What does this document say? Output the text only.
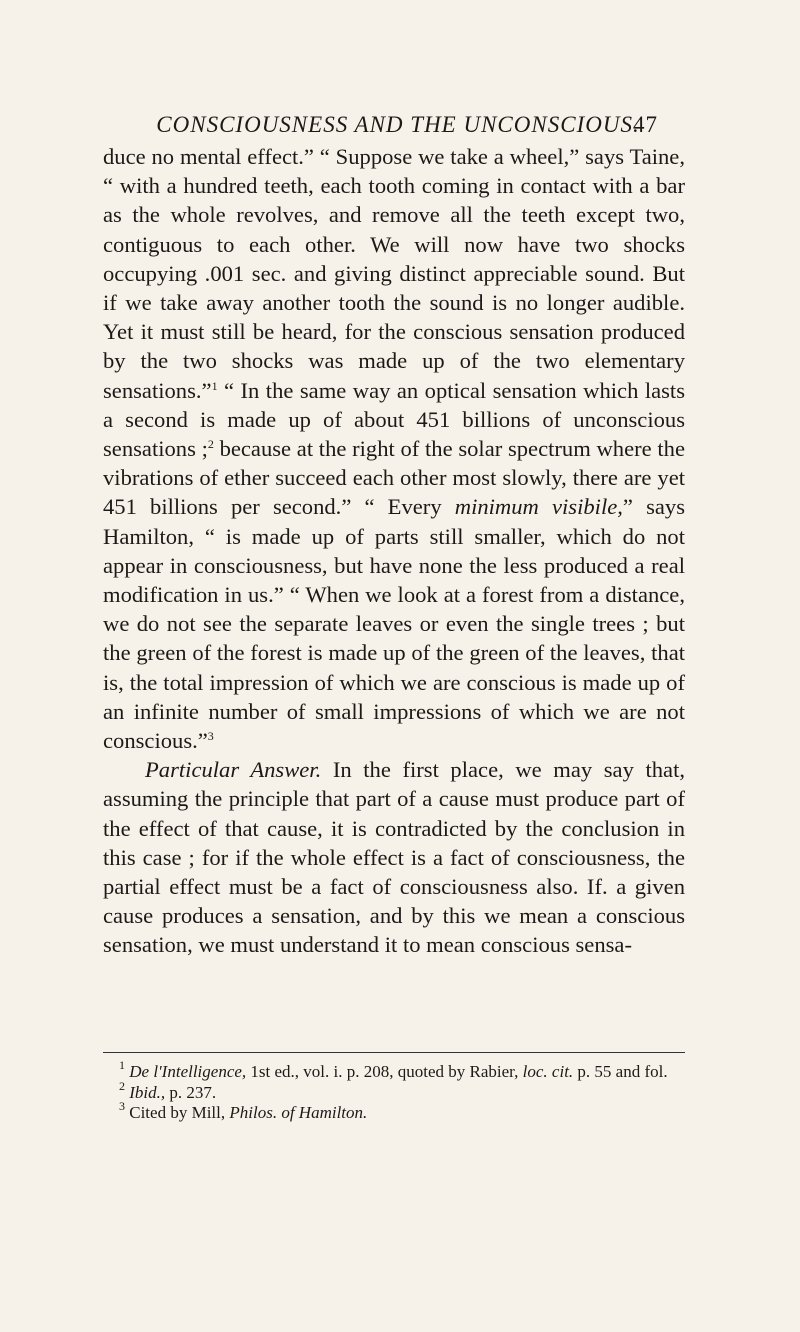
CONSCIOUSNESS AND THE UNCONSCIOUS.
47

duce no mental effect.” “ Suppose we take a wheel,” says Taine, “ with a hundred teeth, each tooth coming in contact with a bar as the whole revolves, and remove all the teeth except two, contiguous to each other. We will now have two shocks occupying .001 sec. and giving distinct appreciable sound. But if we take away another tooth the sound is no longer audible. Yet it must still be heard, for the conscious sensation produced by the two shocks was made up of the two elementary sensations.”$^1$ “ In the same way an optical sensation which lasts a second is made up of about 451 billions of unconscious sensations ;$^2$ because at the right of the solar spectrum where the vibrations of ether succeed each other most slowly, there are yet 451 billions per second.” “ Every minimum visibile,” says Hamilton, “ is made up of parts still smaller, which do not appear in consciousness, but have none the less produced a real modification in us.” “ When we look at a forest from a distance, we do not see the separate leaves or even the single trees ; but the green of the forest is made up of the green of the leaves, that is, the total impression of which we are conscious is made up of an infinite number of small impressions of which we are not conscious.”$^3$

Particular Answer. In the first place, we may say that, assuming the principle that part of a cause must produce part of the effect of that cause, it is contradicted by the conclusion in this case ; for if the whole effect is a fact of consciousness, the partial effect must be a fact of consciousness also. If. a given cause produces a sensation, and by this we mean a conscious sensation, we must understand it to mean conscious sensa-

$^1$ De l'Intelligence, 1st ed., vol. i. p. 208, quoted by Rabier, loc. cit. p. 55 and fol.

$^2$ Ibid., p. 237.

$^3$ Cited by Mill, Philos. of Hamilton.
